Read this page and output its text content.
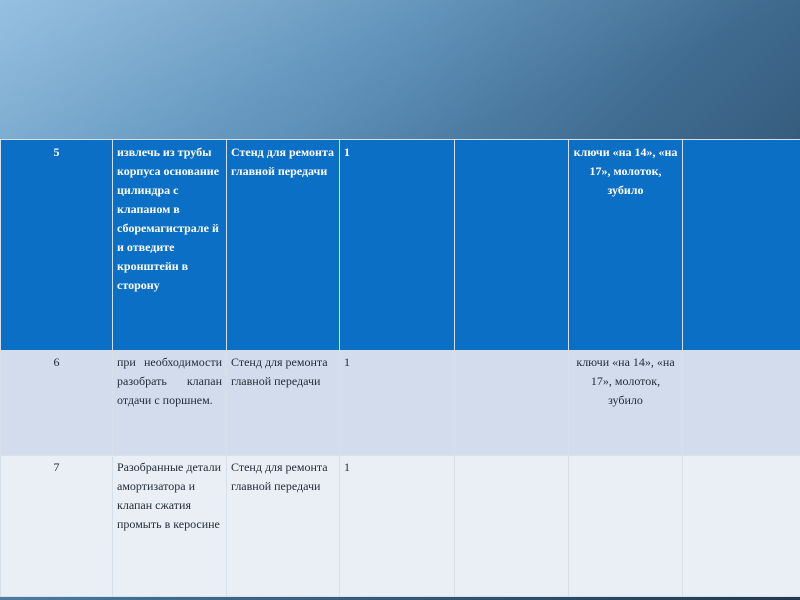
5	извлечь из трубы корпуса основание цилиндра с клапаном в сборемагистрале й и отведите кронштейн в сторону	Стенд для ремонта главной передачи	1		ключи «на 14», «на 17», молоток, зубило	

6	при необходимости разобрать клапан отдачи с поршнем.	Стенд для ремонта главной передачи	1		ключи «на 14», «на 17», молоток, зубило	

7	Разобранные детали амортизатора и клапан сжатия промыть в керосине	Стенд для ремонта главной передачи	1			
